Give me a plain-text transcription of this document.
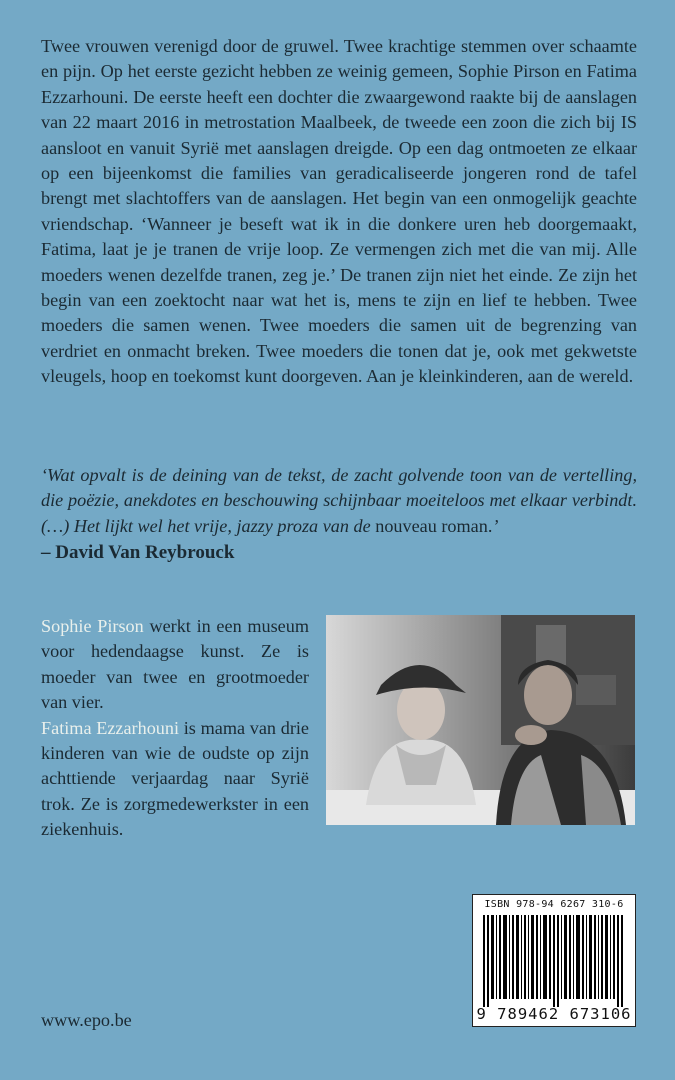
Twee vrouwen verenigd door de gruwel. Twee krachtige stemmen over schaamte en pijn. Op het eerste gezicht hebben ze weinig gemeen, Sophie Pirson en Fatima Ezzarhouni. De eerste heeft een dochter die zwaargewond raakte bij de aanslagen van 22 maart 2016 in metrostation Maalbeek, de tweede een zoon die zich bij IS aansloot en vanuit Syrië met aanslagen dreigde. Op een dag ontmoeten ze elkaar op een bijeenkomst die families van geradicaliseerde jongeren rond de tafel brengt met slachtoffers van de aanslagen. Het begin van een onmogelijk geachte vriendschap. ‘Wanneer je beseft wat ik in die donkere uren heb doorgemaakt, Fatima, laat je je tranen de vrije loop. Ze vermengen zich met die van mij. Alle moeders wenen dezelfde tranen, zeg je.’ De tranen zijn niet het einde. Ze zijn het begin van een zoektocht naar wat het is, mens te zijn en lief te hebben. Twee moeders die samen wenen. Twee moeders die samen uit de begrenzing van verdriet en onmacht breken. Twee moeders die tonen dat je, ook met gekwetste vleugels, hoop en toekomst kunt doorgeven. Aan je kleinkinderen, aan de wereld.

‘Wat opvalt is de deining van de tekst, de zacht golvende toon van de vertelling, die poëzie, anekdotes en beschouwing schijnbaar moeiteloos met elkaar verbindt. (…) Het lijkt wel het vrije, jazzy proza van de nouveau roman.’
– David Van Reybrouck

Sophie Pirson werkt in een museum voor hedendaagse kunst. Ze is moeder van twee en grootmoeder van vier.
Fatima Ezzarhouni is mama van drie kinderen van wie de oudste op zijn achttiende verjaardag naar Syrië trok. Ze is zorgmedewerkster in een ziekenhuis.

ISBN 978-94 6267 310-6
9 789462 673106

www.epo.be
